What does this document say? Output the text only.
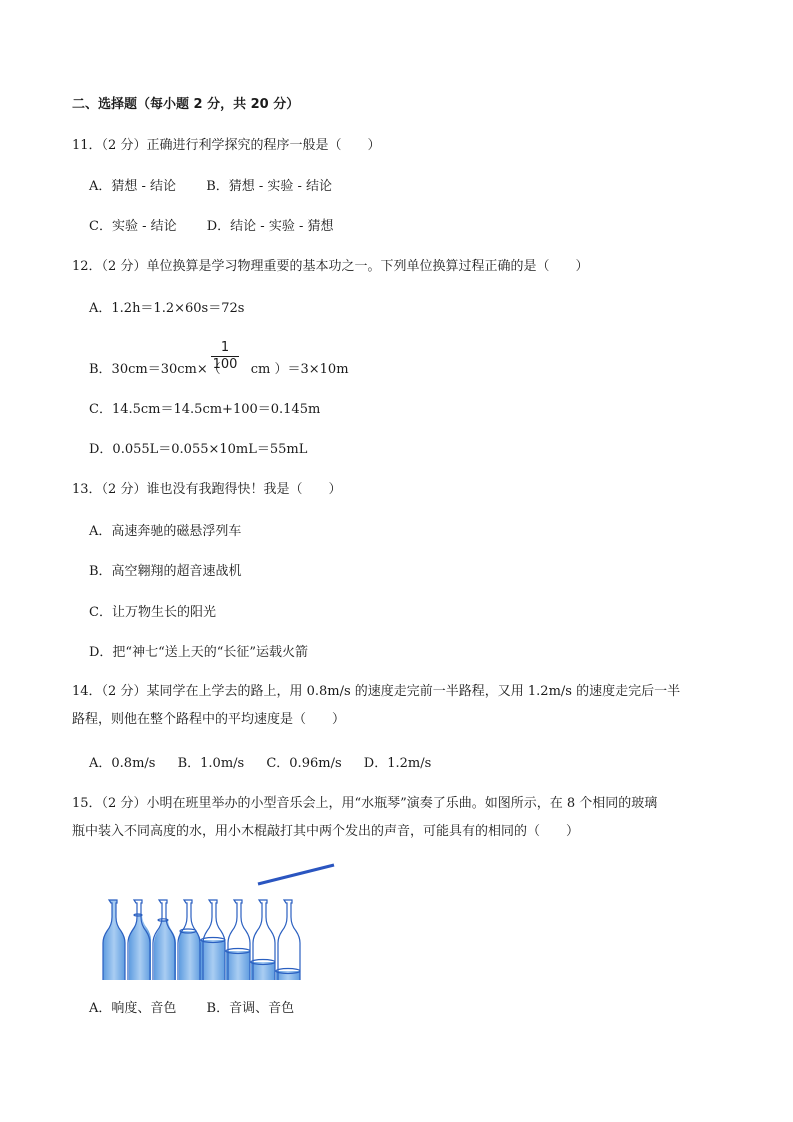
二、选择题（每小题 2 分，共 20 分）
11．（2 分）正确进行利学探究的程序一般是（　　）
A．猜想 - 结论 B．猜想 - 实验 - 结论
C．实验 - 结论 D．结论 - 实验 - 猜想
12．（2 分）单位换算是学习物理重要的基本功之一。下列单位换算过程正确的是（　　）
A．1.2h＝1.2×60s＝72s
B．30cm＝30cm×（ cm ）＝3×10m
1
100
C．14.5cm＝14.5cm+100＝0.145m
D．0.055L＝0.055×10mL＝55mL
13．（2 分）谁也没有我跑得快！我是（　　）
A．高速奔驰的磁悬浮列车
B．高空翱翔的超音速战机
C．让万物生长的阳光
D．把“神七“送上天的“长征”运载火箭
14．（2 分）某同学在上学去的路上，用 0.8m/s 的速度走完前一半路程，又用 1.2m/s 的速度走完后一半
路程，则他在整个路程中的平均速度是（　　）
A．0.8m/s B．1.0m/s C．0.96m/s D．1.2m/s
15．（2 分）小明在班里举办的小型音乐会上，用“水瓶琴”演奏了乐曲。如图所示，在 8 个相同的玻璃
瓶中装入不同高度的水，用小木棍敲打其中两个发出的声音，可能具有的相同的（　　）
A．响度、音色 B．音调、音色
